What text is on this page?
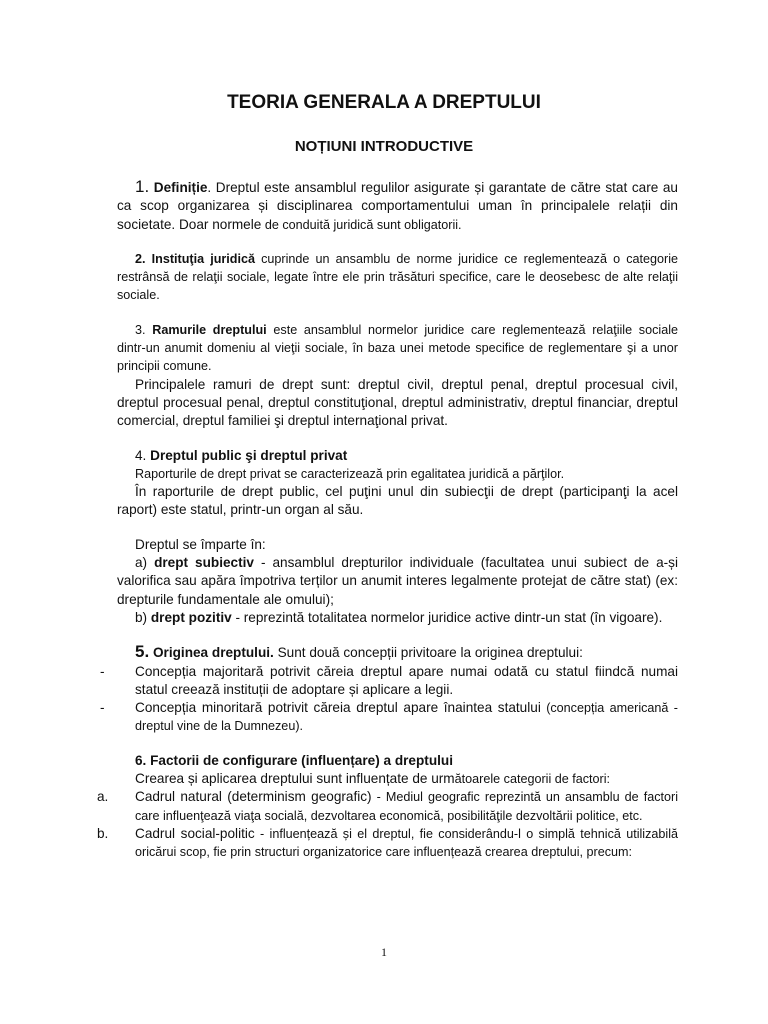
TEORIA GENERALA A DREPTULUI
NOȚIUNI INTRODUCTIVE

1. Definiție. Dreptul este ansamblul regulilor asigurate și garantate de către stat care au ca scop organizarea și disciplinarea comportamentului uman în principalele relații din societate. Doar normele de conduită juridică sunt obligatorii.

2. Instituţia juridică cuprinde un ansamblu de norme juridice ce reglementează o categorie restrânsă de relaţii sociale, legate între ele prin trăsături specifice, care le deosebesc de alte relaţii sociale.

3. Ramurile dreptului este ansamblul normelor juridice care reglementează relaţiile sociale dintr-un anumit domeniu al vieţii sociale, în baza unei metode specifice de reglementare şi a unor principii comune.

Principalele ramuri de drept sunt: dreptul civil, dreptul penal, dreptul procesual civil, dreptul procesual penal, dreptul constituţional, dreptul administrativ, dreptul financiar, dreptul comercial, dreptul familiei şi dreptul internaţional privat.

4. Dreptul public şi dreptul privat

Raporturile de drept privat se caracterizează prin egalitatea juridică a părţilor.

În raporturile de drept public, cel puţini unul din subiecţii de drept (participanţi la acel raport) este statul, printr-un organ al său.

Dreptul se împarte în:

a) drept subiectiv - ansamblul drepturilor individuale (facultatea unui subiect de a-și valorifica sau apăra împotriva terților un anumit interes legalmente protejat de către stat) (ex: drepturile fundamentale ale omului);

b) drept pozitiv - reprezintă totalitatea normelor juridice active dintr-un stat (în vigoare).

5. Originea dreptului. Sunt două concepții privitoare la originea dreptului:

- Concepția majoritară potrivit căreia dreptul apare numai odată cu statul fiindcă numai statul creează instituții de adoptare și aplicare a legii.

- Concepția minoritară potrivit căreia dreptul apare înaintea statului (concepția americană - dreptul vine de la Dumnezeu).

6. Factorii de configurare (influențare) a dreptului

Crearea și aplicarea dreptului sunt influențate de următoarele categorii de factori:

a. Cadrul natural (determinism geografic) - Mediul geografic reprezintă un ansamblu de factori care influenţează viaţa socială, dezvoltarea economică, posibilităţile dezvoltării politice, etc.

b. Cadrul social-politic - influențează și el dreptul, fie considerându-l o simplă tehnică utilizabilă oricărui scop, fie prin structuri organizatorice care influențează crearea dreptului, precum:

1
